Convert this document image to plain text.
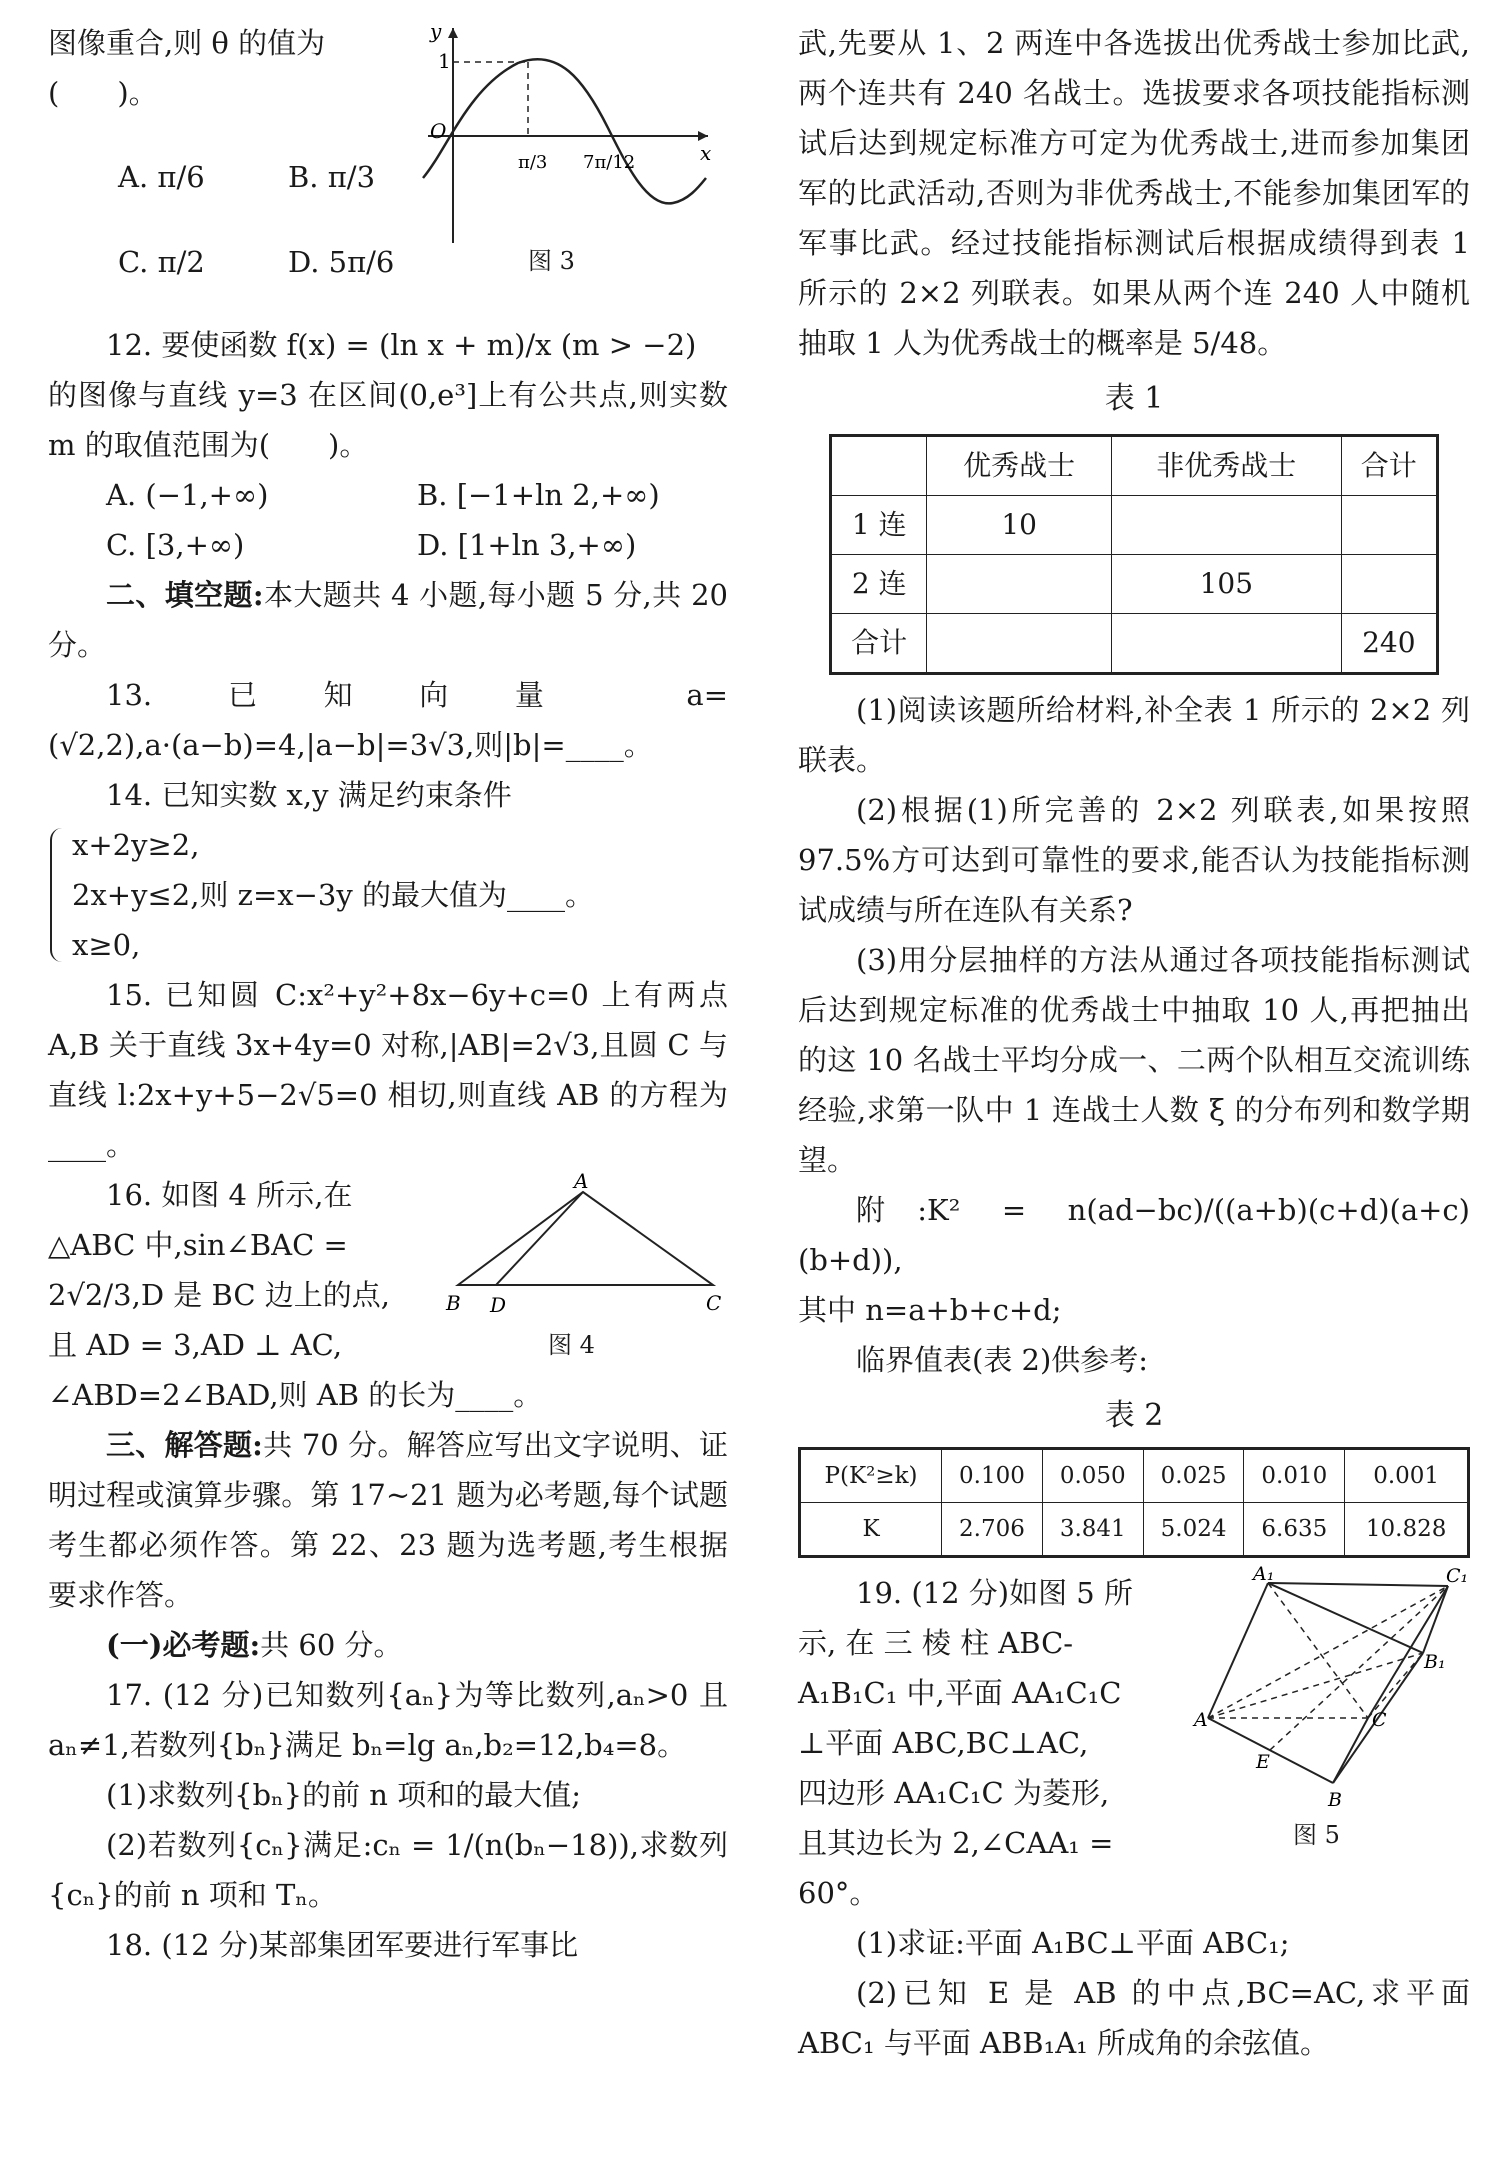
图像重合,则 θ 的值为

(　　)。

A. π/6	B. π/3
C. π/2	D. 5π/6
y
x
1
O
π/3 7π/12
图 3

12. 要使函数 f(x) = (ln x + m)/x (m > −2)

的图像与直线 y=3 在区间(0,e³]上有公共点,则实数 m 的取值范围为(　　)。

A. (−1,+∞)	B. [−1+ln 2,+∞)
C. [3,+∞)	D. [1+ln 3,+∞)

二、填空题:本大题共 4 小题,每小题 5 分,共 20 分。

13. 已知向量 a=(√2,2),a·(a−b)=4,|a−b|=3√3,则|b|=____。

14. 已知实数 x,y 满足约束条件

x+2y≥2,

2x+y≤2,则 z=x−3y 的最大值为____。

x≥0,

15. 已知圆 C:x²+y²+8x−6y+c=0 上有两点 A,B 关于直线 3x+4y=0 对称,|AB|=2√3,且圆 C 与直线 l:2x+y+5−2√5=0 相切,则直线 AB 的方程为____。

16. 如图 4 所示,在

△ABC 中,sin∠BAC =

2√2/3,D 是 BC 边上的点,

且 AD = 3,AD ⊥ AC,

A
B D	C
图 4

∠ABD=2∠BAD,则 AB 的长为____。

三、解答题:共 70 分。解答应写出文字说明、证明过程或演算步骤。第 17~21 题为必考题,每个试题考生都必须作答。第 22、23 题为选考题,考生根据要求作答。

(一)必考题:共 60 分。

17. (12 分)已知数列{aₙ}为等比数列,aₙ>0 且 aₙ≠1,若数列{bₙ}满足 bₙ=lg aₙ,b₂=12,b₄=8。

(1)求数列{bₙ}的前 n 项和的最大值;

(2)若数列{cₙ}满足:cₙ = 1/(n(bₙ−18)),求数列{cₙ}的前 n 项和 Tₙ。

18. (12 分)某部集团军要进行军事比

武,先要从 1、2 两连中各选拔出优秀战士参加比武,两个连共有 240 名战士。选拔要求各项技能指标测试后达到规定标准方可定为优秀战士,进而参加集团军的比武活动,否则为非优秀战士,不能参加集团军的军事比武。经过技能指标测试后根据成绩得到表 1 所示的 2×2 列联表。如果从两个连 240 人中随机抽取 1 人为优秀战士的概率是 5/48。

表 1
	优秀战士	非优秀战士	合计
1 连	10		
2 连		105	
合计			240

(1)阅读该题所给材料,补全表 1 所示的 2×2 列联表。

(2)根据(1)所完善的 2×2 列联表,如果按照 97.5%方可达到可靠性的要求,能否认为技能指标测试成绩与所在连队有关系?

(3)用分层抽样的方法从通过各项技能指标测试后达到规定标准的优秀战士中抽取 10 人,再把抽出的这 10 名战士平均分成一、二两个队相互交流训练经验,求第一队中 1 连战士人数 ξ 的分布列和数学期望。

附:K² = n(ad−bc)/((a+b)(c+d)(a+c)(b+d)),

其中 n=a+b+c+d;

临界值表(表 2)供参考:

表 2
P(K²≥k)	0.100	0.050	0.025	0.010	0.001
K	2.706	3.841	5.024	6.635	10.828

19. (12 分)如图 5 所

示, 在 三 棱 柱 ABC-

A₁B₁C₁ 中,平面 AA₁C₁C

⊥平面 ABC,BC⊥AC,

四边形 AA₁C₁C 为菱形,

且其边长为 2,∠CAA₁ =

60°。

A₁	C₁
B₁
A	C
E
B
图 5

(1)求证:平面 A₁BC⊥平面 ABC₁;

(2)已知 E 是 AB 的中点,BC=AC,求平面 ABC₁ 与平面 ABB₁A₁ 所成角的余弦值。
